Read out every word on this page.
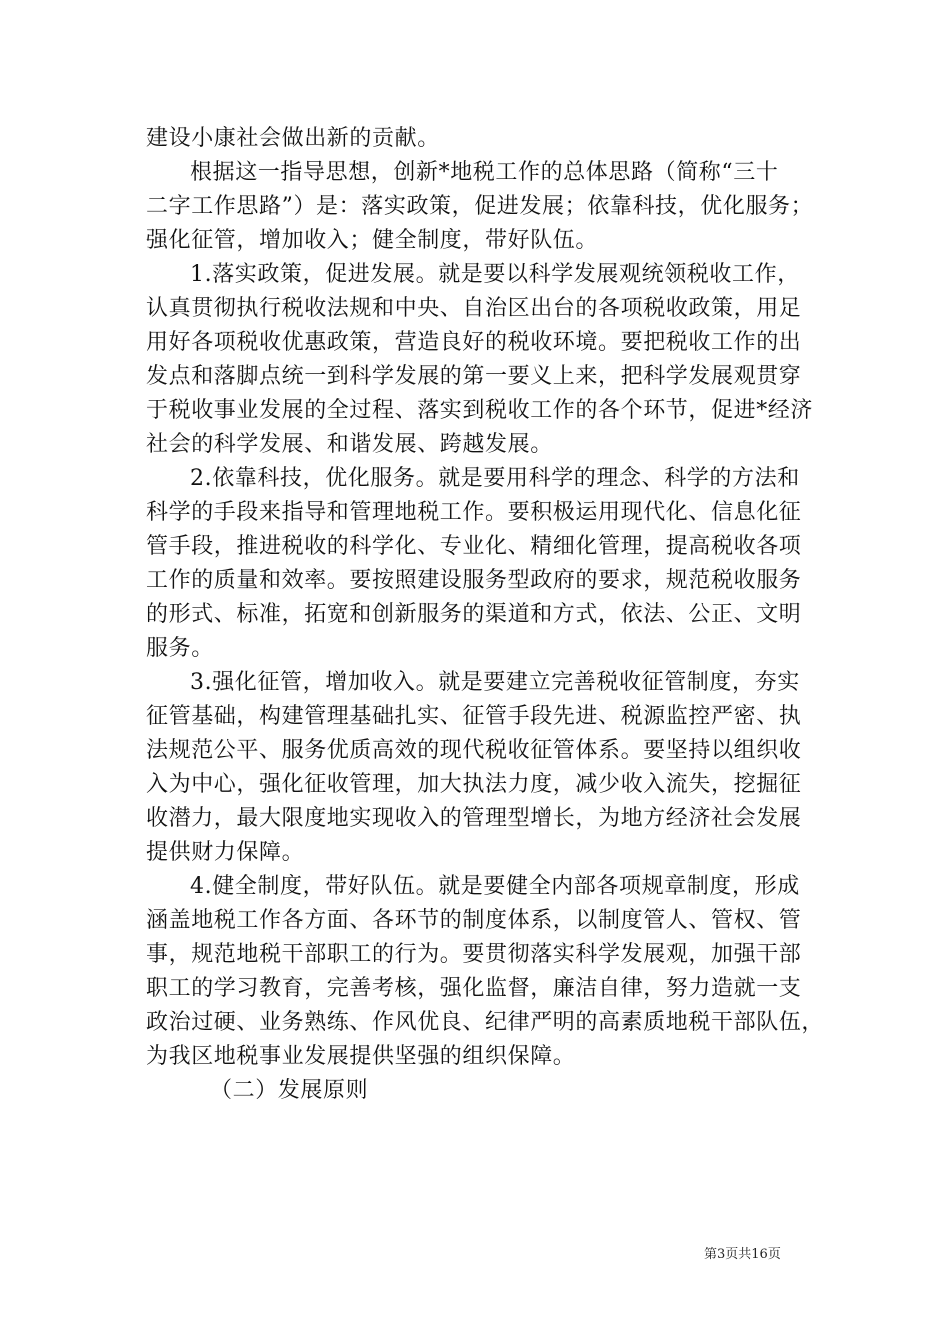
建设小康社会做出新的贡献。
根据这一指导思想，创新*地税工作的总体思路（简称“三十
二字工作思路”）是：落实政策，促进发展；依靠科技，优化服务；
强化征管，增加收入；健全制度，带好队伍。
1.落实政策，促进发展。就是要以科学发展观统领税收工作，
认真贯彻执行税收法规和中央、自治区出台的各项税收政策，用足
用好各项税收优惠政策，营造良好的税收环境。要把税收工作的出
发点和落脚点统一到科学发展的第一要义上来，把科学发展观贯穿
于税收事业发展的全过程、落实到税收工作的各个环节，促进*经济
社会的科学发展、和谐发展、跨越发展。
2.依靠科技，优化服务。就是要用科学的理念、科学的方法和
科学的手段来指导和管理地税工作。要积极运用现代化、信息化征
管手段，推进税收的科学化、专业化、精细化管理，提高税收各项
工作的质量和效率。要按照建设服务型政府的要求，规范税收服务
的形式、标准，拓宽和创新服务的渠道和方式，依法、公正、文明
服务。
3.强化征管，增加收入。就是要建立完善税收征管制度，夯实
征管基础，构建管理基础扎实、征管手段先进、税源监控严密、执
法规范公平、服务优质高效的现代税收征管体系。要坚持以组织收
入为中心，强化征收管理，加大执法力度，减少收入流失，挖掘征
收潜力，最大限度地实现收入的管理型增长，为地方经济社会发展
提供财力保障。
4.健全制度，带好队伍。就是要健全内部各项规章制度，形成
涵盖地税工作各方面、各环节的制度体系，以制度管人、管权、管
事，规范地税干部职工的行为。要贯彻落实科学发展观，加强干部
职工的学习教育，完善考核，强化监督，廉洁自律，努力造就一支
政治过硬、业务熟练、作风优良、纪律严明的高素质地税干部队伍，
为我区地税事业发展提供坚强的组织保障。
（二）发展原则
第3页共16页
